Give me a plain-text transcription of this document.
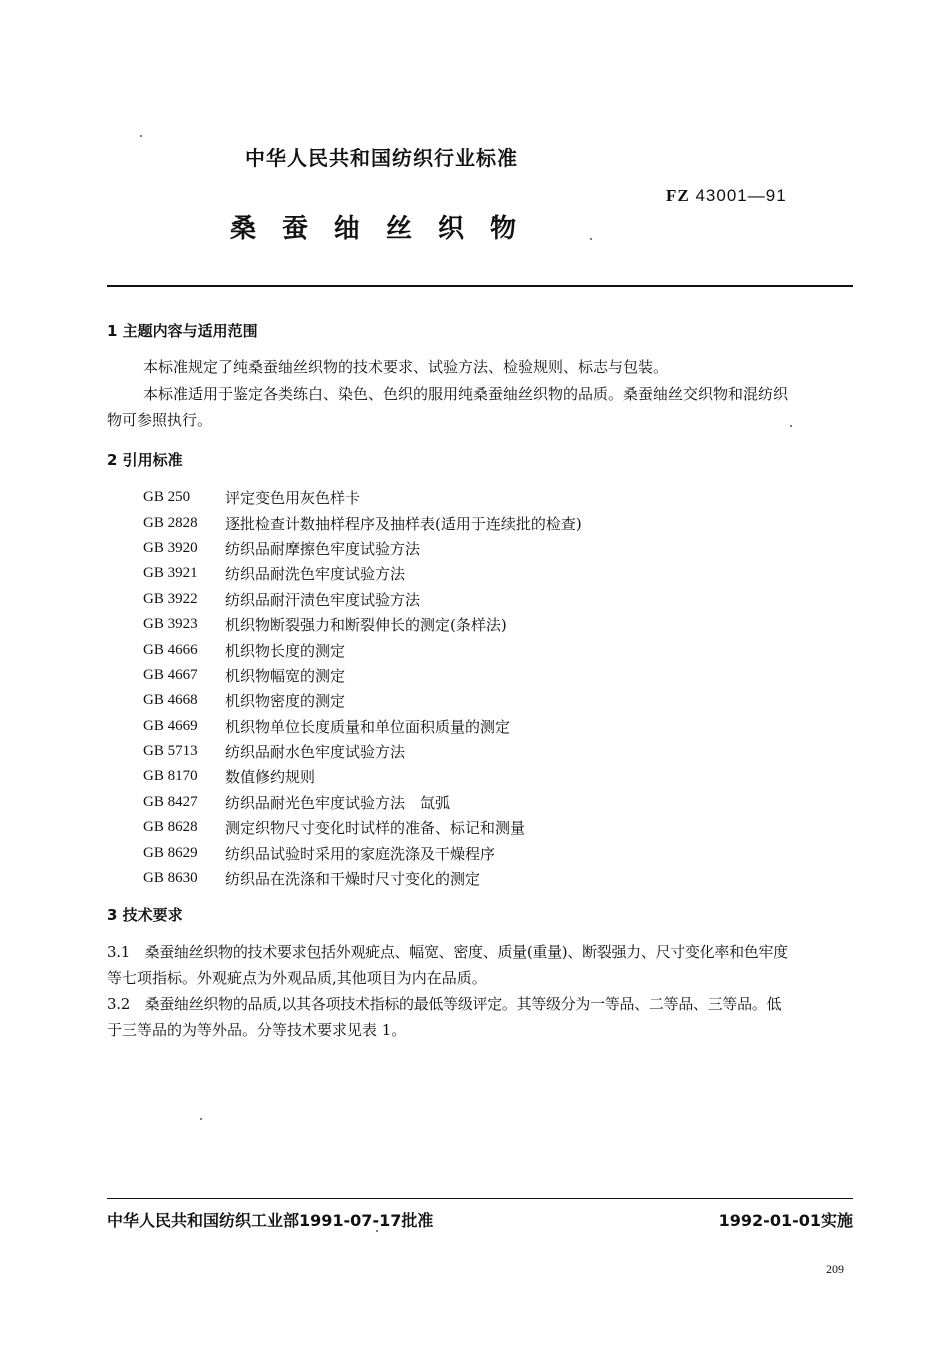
中华人民共和国纺织行业标准
FZ 43001—91
桑蚕䌷丝织物
1 主题内容与适用范围
本标准规定了纯桑蚕䌷丝织物的技术要求、试验方法、检验规则、标志与包装。
本标准适用于鉴定各类练白、染色、色织的服用纯桑蚕䌷丝织物的品质。桑蚕䌷丝交织物和混纺织
物可参照执行。
2 引用标准
GB 250	评定变色用灰色样卡
GB 2828	逐批检查计数抽样程序及抽样表(适用于连续批的检查)
GB 3920	纺织品耐摩擦色牢度试验方法
GB 3921	纺织品耐洗色牢度试验方法
GB 3922	纺织品耐汗渍色牢度试验方法
GB 3923	机织物断裂强力和断裂伸长的测定(条样法)
GB 4666	机织物长度的测定
GB 4667	机织物幅宽的测定
GB 4668	机织物密度的测定
GB 4669	机织物单位长度质量和单位面积质量的测定
GB 5713	纺织品耐水色牢度试验方法
GB 8170	数值修约规则
GB 8427	纺织品耐光色牢度试验方法　氙弧
GB 8628	测定织物尺寸变化时试样的准备、标记和测量
GB 8629	纺织品试验时采用的家庭洗涤及干燥程序
GB 8630	纺织品在洗涤和干燥时尺寸变化的测定
3 技术要求
3.1　桑蚕䌷丝织物的技术要求包括外观疵点、幅宽、密度、质量(重量)、断裂强力、尺寸变化率和色牢度
等七项指标。外观疵点为外观品质,其他项目为内在品质。
3.2　桑蚕䌷丝织物的品质,以其各项技术指标的最低等级评定。其等级分为一等品、二等品、三等品。低
于三等品的为等外品。分等技术要求见表 1。
中华人民共和国纺织工业部1991-07-17批准	1992-01-01实施
209
